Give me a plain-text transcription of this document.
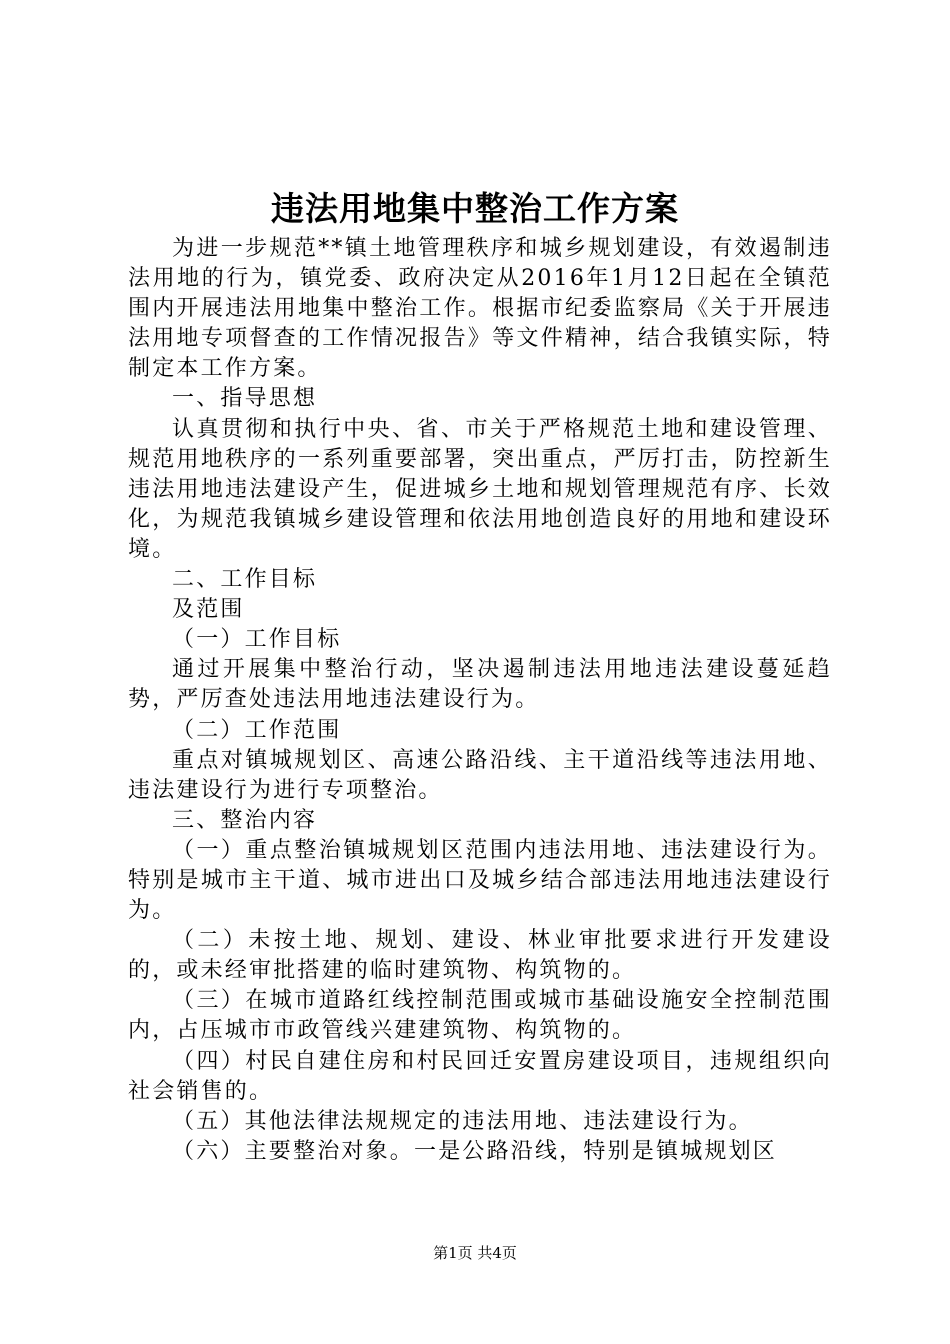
违法用地集中整治工作方案

为进一步规范**镇土地管理秩序和城乡规划建设，有效遏制违法用地的行为，镇党委、政府决定从2016年1月12日起在全镇范围内开展违法用地集中整治工作。根据市纪委监察局《关于开展违法用地专项督查的工作情况报告》等文件精神，结合我镇实际，特制定本工作方案。

一、指导思想

认真贯彻和执行中央、省、市关于严格规范土地和建设管理、规范用地秩序的一系列重要部署，突出重点，严厉打击，防控新生违法用地违法建设产生，促进城乡土地和规划管理规范有序、长效化，为规范我镇城乡建设管理和依法用地创造良好的用地和建设环境。

二、工作目标

及范围

（一）工作目标

通过开展集中整治行动，坚决遏制违法用地违法建设蔓延趋势，严厉查处违法用地违法建设行为。

（二）工作范围

重点对镇城规划区、高速公路沿线、主干道沿线等违法用地、违法建设行为进行专项整治。

三、整治内容

（一）重点整治镇城规划区范围内违法用地、违法建设行为。特别是城市主干道、城市进出口及城乡结合部违法用地违法建设行为。

（二）未按土地、规划、建设、林业审批要求进行开发建设的，或未经审批搭建的临时建筑物、构筑物的。

（三）在城市道路红线控制范围或城市基础设施安全控制范围内，占压城市市政管线兴建建筑物、构筑物的。

（四）村民自建住房和村民回迁安置房建设项目，违规组织向社会销售的。

（五）其他法律法规规定的违法用地、违法建设行为。

（六）主要整治对象。一是公路沿线，特别是镇城规划区

第1页 共4页
